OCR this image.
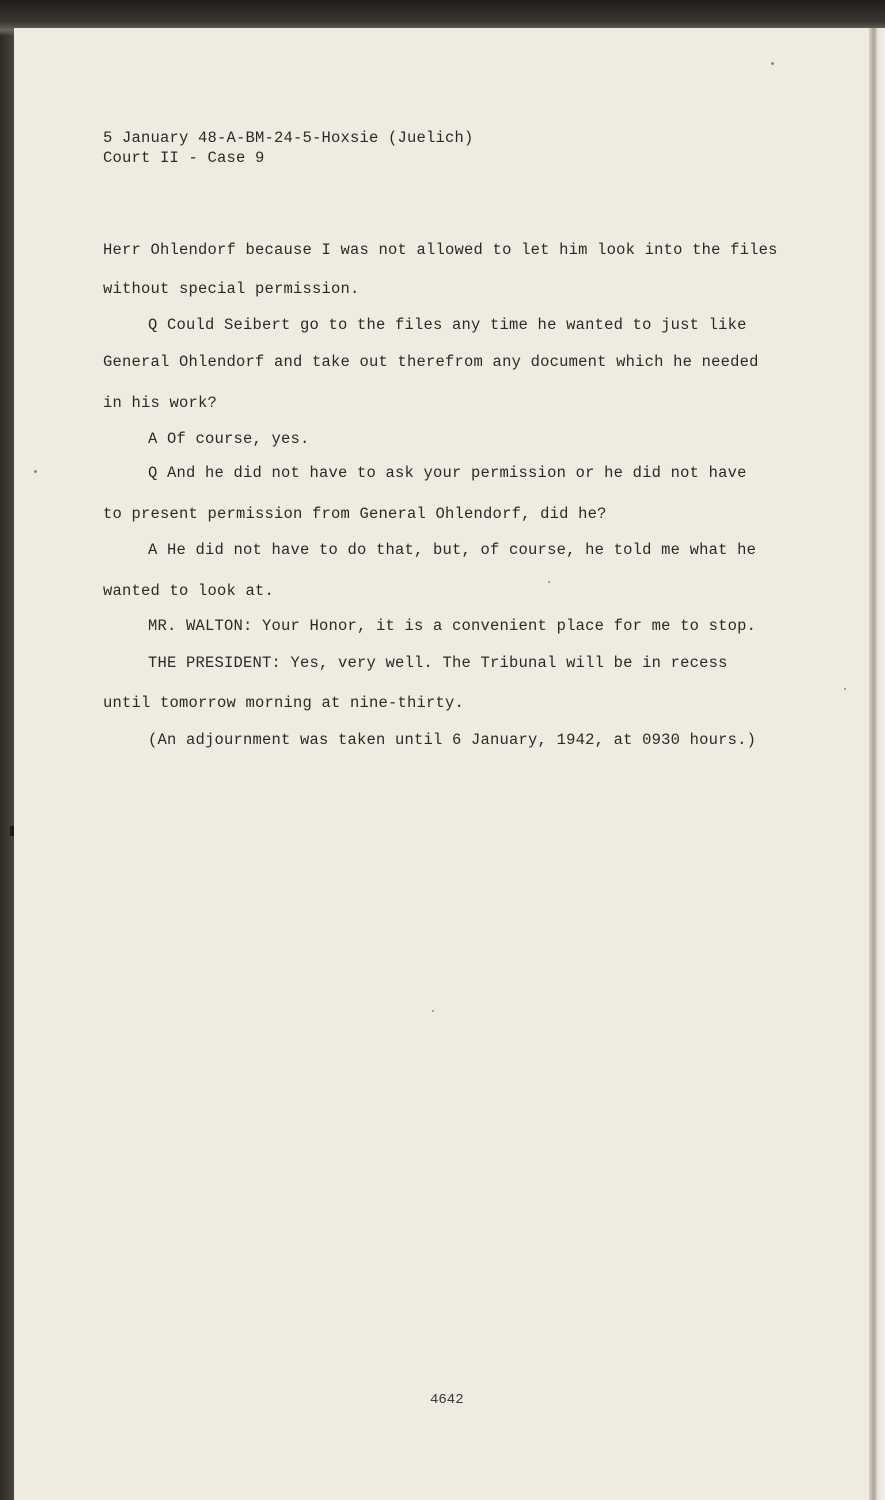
5 January 48-A-BM-24-5-Hoxsie (Juelich)

Court II - Case 9

Herr Ohlendorf because I was not allowed to let him look into the files

without special permission.

Q Could Seibert go to the files any time he wanted to just like

General Ohlendorf and take out therefrom any document which he needed

in his work?

A Of course, yes.

Q And he did not have to ask your permission or he did not have

to present permission from General Ohlendorf, did he?

A He did not have to do that, but, of course, he told me what he

wanted to look at.

MR. WALTON: Your Honor, it is a convenient place for me to stop.

THE PRESIDENT: Yes, very well. The Tribunal will be in recess

until tomorrow morning at nine-thirty.

(An adjournment was taken until 6 January, 1942, at 0930 hours.)

4642
